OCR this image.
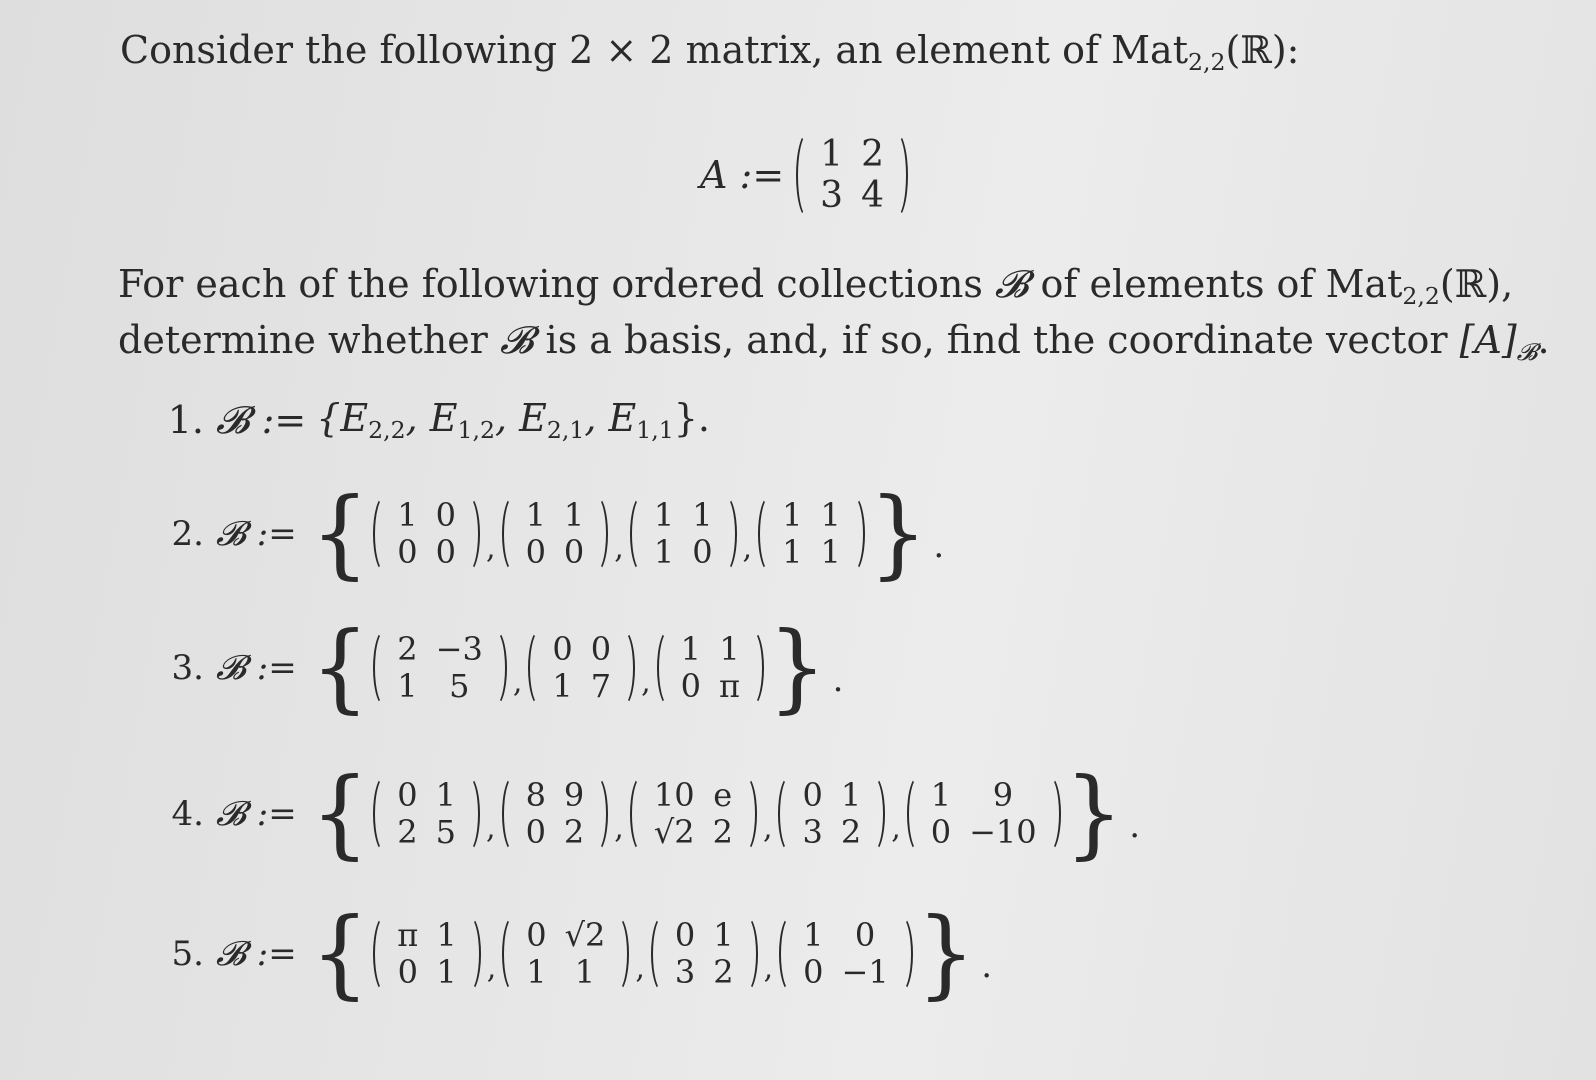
Consider the following 2 × 2 matrix, an element of Mat$_{2,2}$(ℝ):
A := 1 2
3 4
For each of the following ordered collections 𝓑 of elements of Mat$_{2,2}$(ℝ),
determine whether 𝓑 is a basis, and, if so, find the coordinate vector $[A]_𝓑$.
1. 𝓑 := {$E_{2,2}$, $E_{1,2}$, $E_{2,1}$, $E_{1,1}$}.
2. 𝓑 := { 1 0
0 0 ,
1 1
0 0 ,
1 1
1 0 ,
1 1
1 1 } .
3. 𝓑 := { 2 −3
1 5	,
0 0
1 7 ,
1 1
0 π } .
4. 𝓑 := { 0 1
2 5 ,
8 9
0 2 ,
10 e
√2 2 ,
0 1
3 2 ,
1	9
0 −10 } .
5. 𝓑 := { π 1
0 1 ,
0 √2
1 1	,
0 1
3 2 ,
1 0
0 −1 } .
